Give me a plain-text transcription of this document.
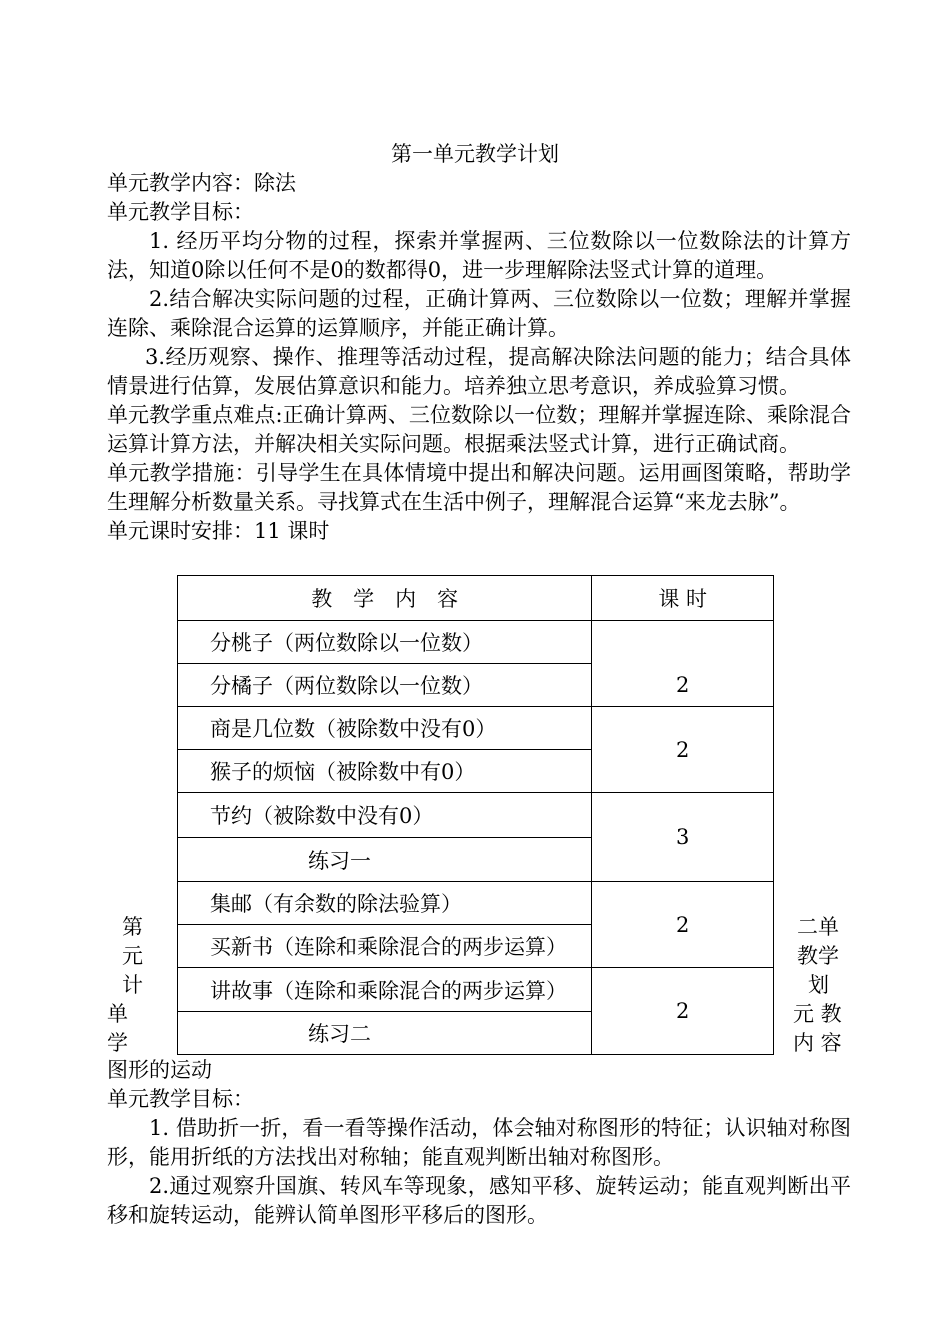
第一单元教学计划
单元教学内容：除法
单元教学目标：
1. 经历平均分物的过程，探索并掌握两、三位数除以一位数除法的计算方法，知道0除以任何不是0的数都得0，进一步理解除法竖式计算的道理。
2.结合解决实际问题的过程，正确计算两、三位数除以一位数；理解并掌握连除、乘除混合运算的运算顺序，并能正确计算。
3.经历观察、操作、推理等活动过程，提高解决除法问题的能力；结合具体情景进行估算，发展估算意识和能力。培养独立思考意识，养成验算习惯。
单元教学重点难点:正确计算两、三位数除以一位数；理解并掌握连除、乘除混合运算计算方法，并解决相关实际问题。根据乘法竖式计算，进行正确试商。
单元教学措施：引导学生在具体情境中提出和解决问题。运用画图策略，帮助学生理解分析数量关系。寻找算式在生活中例子，理解混合运算“来龙去脉”。
单元课时安排：11 课时
教　学　内　容	课 时
分桃子（两位数除以一位数）	2
分橘子（两位数除以一位数）	
商是几位数（被除数中没有0）	2
猴子的烦恼（被除数中有0）	
节约（被除数中没有0）	3
练习一	
集邮（有余数的除法验算）	2
买新书（连除和乘除混合的两步运算）	
讲故事（连除和乘除混合的两步运算）	2
练习二	
第
元
计
单
学
二单
教学
划
元 教
内 容
图形的运动
单元教学目标：
1. 借助折一折，看一看等操作活动，体会轴对称图形的特征；认识轴对称图形，能用折纸的方法找出对称轴；能直观判断出轴对称图形。
2.通过观察升国旗、转风车等现象，感知平移、旋转运动；能直观判断出平移和旋转运动，能辨认简单图形平移后的图形。
